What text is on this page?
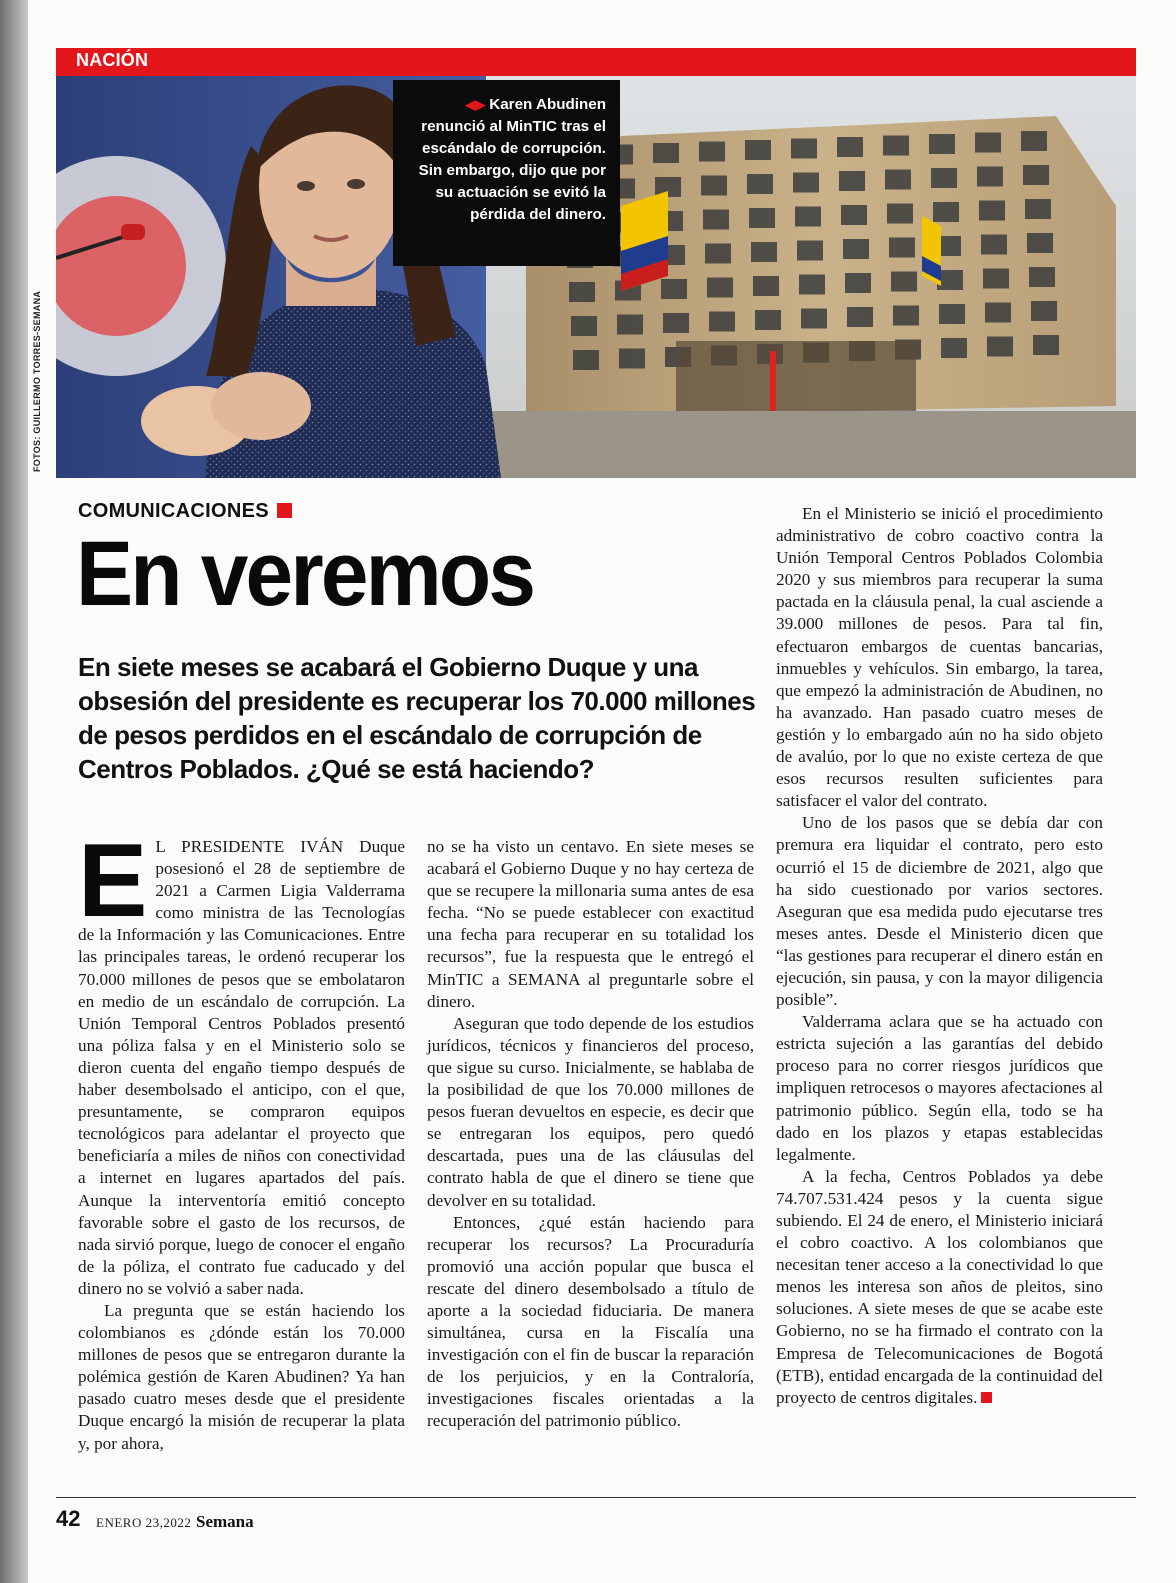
NACIÓN
◀▶ Karen Abudinen renunció al MinTIC tras el escándalo de corrupción. Sin embargo, dijo que por su actuación se evitó la pérdida del dinero.
FOTOS: GUILLERMO TORRES-SEMANA
COMUNICACIONES
En veremos
En siete meses se acabará el Gobierno Duque y una obsesión del presidente es recuperar los 70.000 millones de pesos perdidos en el escándalo de corrupción de Centros Poblados. ¿Qué se está haciendo?

E L PRESIDENTE IVÁN Duque posesionó el 28 de septiembre de 2021 a Carmen Ligia Valderrama como ministra de las Tecnologías de la Información y las Comunicaciones. Entre las principales tareas, le ordenó recuperar los 70.000 millones de pesos que se embolataron en medio de un escándalo de corrupción. La Unión Temporal Centros Poblados presentó una póliza falsa y en el Ministerio solo se dieron cuenta del engaño tiempo después de haber desembolsado el anticipo, con el que, presuntamente, se compraron equipos tecnológicos para adelantar el proyecto que beneficiaría a miles de niños con conectividad a internet en lugares apartados del país. Aunque la interventoría emitió concepto favorable sobre el gasto de los recursos, de nada sirvió porque, luego de conocer el engaño de la póliza, el contrato fue caducado y del dinero no se volvió a saber nada.

La pregunta que se están haciendo los colombianos es ¿dónde están los 70.000 millones de pesos que se entregaron durante la polémica gestión de Karen Abudinen? Ya han pasado cuatro meses desde que el presidente Duque encargó la misión de recuperar la plata y, por ahora,

no se ha visto un centavo. En siete meses se acabará el Gobierno Duque y no hay certeza de que se recupere la millonaria suma antes de esa fecha. “No se puede establecer con exactitud una fecha para recuperar en su totalidad los recursos”, fue la respuesta que le entregó el MinTIC a SEMANA al preguntarle sobre el dinero.

Aseguran que todo depende de los estudios jurídicos, técnicos y financieros del proceso, que sigue su curso. Inicialmente, se hablaba de la posibilidad de que los 70.000 millones de pesos fueran devueltos en especie, es decir que se entregaran los equipos, pero quedó descartada, pues una de las cláusulas del contrato habla de que el dinero se tiene que devolver en su totalidad.

Entonces, ¿qué están haciendo para recuperar los recursos? La Procuraduría promovió una acción popular que busca el rescate del dinero desembolsado a título de aporte a la sociedad fiduciaria. De manera simultánea, cursa en la Fiscalía una investigación con el fin de buscar la reparación de los perjuicios, y en la Contraloría, investigaciones fiscales orientadas a la recuperación del patrimonio público.

En el Ministerio se inició el procedimiento administrativo de cobro coactivo contra la Unión Temporal Centros Poblados Colombia 2020 y sus miembros para recuperar la suma pactada en la cláusula penal, la cual asciende a 39.000 millones de pesos. Para tal fin, efectuaron embargos de cuentas bancarias, inmuebles y vehículos. Sin embargo, la tarea, que empezó la administración de Abudinen, no ha avanzado. Han pasado cuatro meses de gestión y lo embargado aún no ha sido objeto de avalúo, por lo que no existe certeza de que esos recursos resulten suficientes para satisfacer el valor del contrato.

Uno de los pasos que se debía dar con premura era liquidar el contrato, pero esto ocurrió el 15 de diciembre de 2021, algo que ha sido cuestionado por varios sectores. Aseguran que esa medida pudo ejecutarse tres meses antes. Desde el Ministerio dicen que “las gestiones para recuperar el dinero están en ejecución, sin pausa, y con la mayor diligencia posible”.

Valderrama aclara que se ha actuado con estricta sujeción a las garantías del debido proceso para no correr riesgos jurídicos que impliquen retrocesos o mayores afectaciones al patrimonio público. Según ella, todo se ha dado en los plazos y etapas establecidas legalmente.

A la fecha, Centros Poblados ya debe 74.707.531.424 pesos y la cuenta sigue subiendo. El 24 de enero, el Ministerio iniciará el cobro coactivo. A los colombianos que necesitan tener acceso a la conectividad lo que menos les interesa son años de pleitos, sino soluciones. A siete meses de que se acabe este Gobierno, no se ha firmado el contrato con la Empresa de Telecomunicaciones de Bogotá (ETB), entidad encargada de la continuidad del proyecto de centros digitales.

42 ENERO 23,2022 Semana
